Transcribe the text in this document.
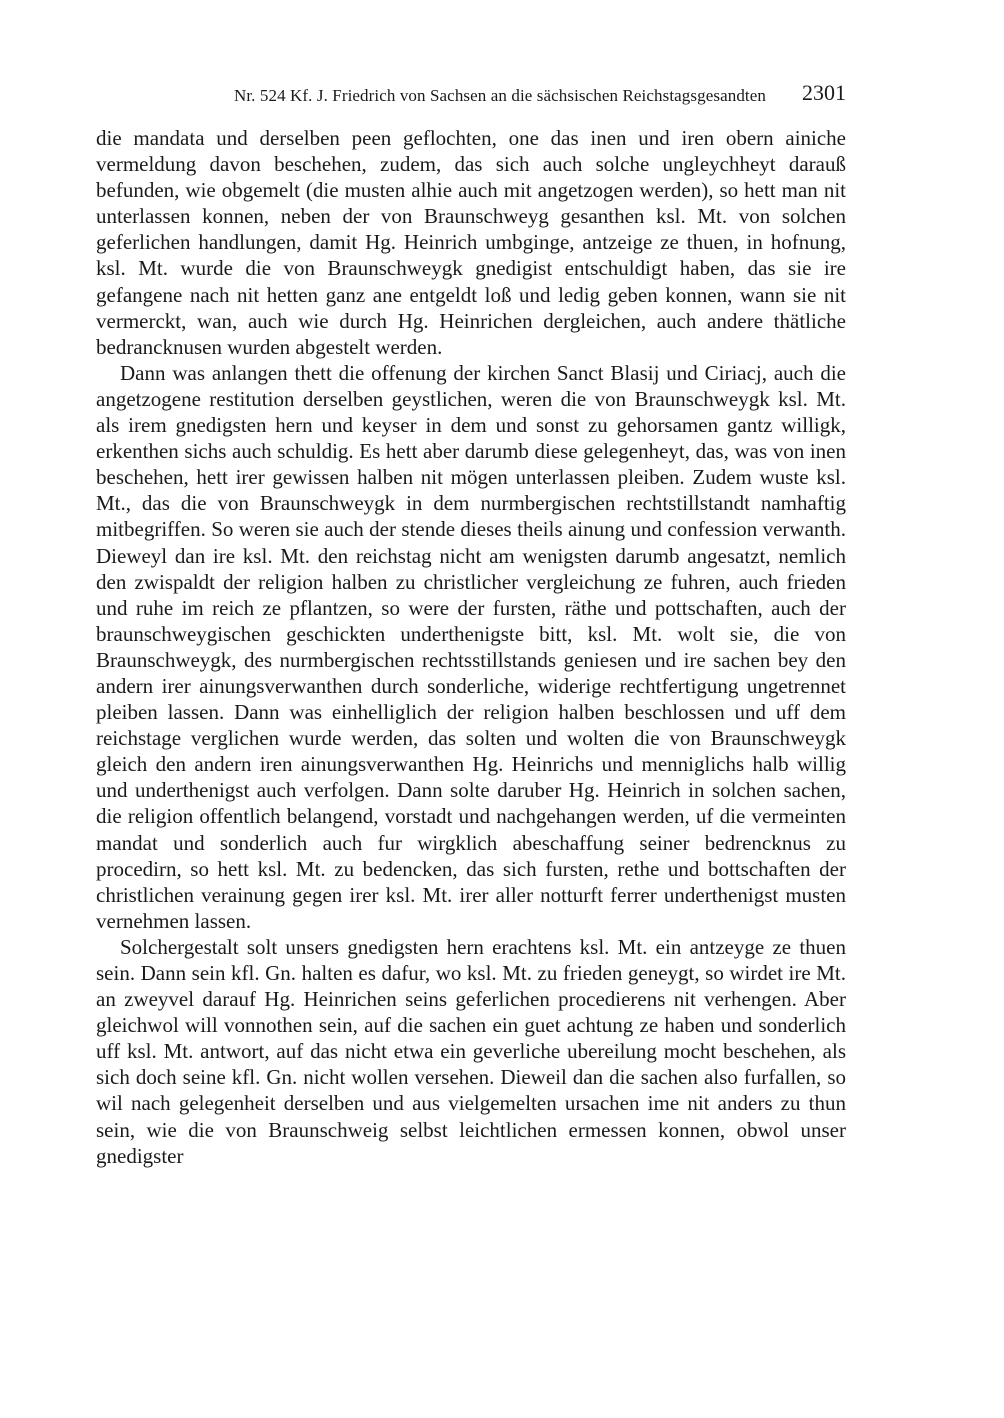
Nr. 524 Kf. J. Friedrich von Sachsen an die sächsischen Reichstagsgesandten 2301

die mandata und derselben peen geflochten, one das inen und iren obern ainiche vermeldung davon beschehen, zudem, das sich auch solche ungleychheyt darauß befunden, wie obgemelt (die musten alhie auch mit angetzogen werden), so hett man nit unterlassen konnen, neben der von Braunschweyg gesanthen ksl. Mt. von solchen geferlichen handlungen, damit Hg. Heinrich umbginge, antzeige ze thuen, in hofnung, ksl. Mt. wurde die von Braunschweygk gnedigist entschuldigt haben, das sie ire gefangene nach nit hetten ganz ane entgeldt loß und ledig geben konnen, wann sie nit vermerckt, wan, auch wie durch Hg. Heinrichen dergleichen, auch andere thätliche bedrancknusen wurden abgestelt werden.

Dann was anlangen thett die offenung der kirchen Sanct Blasij und Ciriacj, auch die angetzogene restitution derselben geystlichen, weren die von Braunschweygk ksl. Mt. als irem gnedigsten hern und keyser in dem und sonst zu gehorsamen gantz willigk, erkenthen sichs auch schuldig. Es hett aber darumb diese gelegenheyt, das, was von inen beschehen, hett irer gewissen halben nit mögen unterlassen pleiben. Zudem wuste ksl. Mt., das die von Braunschweygk in dem nurmbergischen rechtstillstandt namhaftig mitbegriffen. So weren sie auch der stende dieses theils ainung und confession verwanth. Dieweyl dan ire ksl. Mt. den reichstag nicht am wenigsten darumb angesatzt, nemlich den zwispaldt der religion halben zu christlicher vergleichung ze fuhren, auch frieden und ruhe im reich ze pflantzen, so were der fursten, räthe und pottschaften, auch der braunschweygischen geschickten underthenigste bitt, ksl. Mt. wolt sie, die von Braunschweygk, des nurmbergischen rechtsstillstands geniesen und ire sachen bey den andern irer ainungsverwanthen durch sonderliche, widerige rechtfertigung ungetrennet pleiben lassen. Dann was einhelliglich der religion halben beschlossen und uff dem reichstage verglichen wurde werden, das solten und wolten die von Braunschweygk gleich den andern iren ainungsverwanthen Hg. Heinrichs und menniglichs halb willig und underthenigst auch verfolgen. Dann solte daruber Hg. Heinrich in solchen sachen, die religion offentlich belangend, vorstadt und nachgehangen werden, uf die vermeinten mandat und sonderlich auch fur wirgklich abeschaffung seiner bedrencknus zu procedirn, so hett ksl. Mt. zu bedencken, das sich fursten, rethe und bottschaften der christlichen verainung gegen irer ksl. Mt. irer aller notturft ferrer underthenigst musten vernehmen lassen.

Solchergestalt solt unsers gnedigsten hern erachtens ksl. Mt. ein antzeyge ze thuen sein. Dann sein kfl. Gn. halten es dafur, wo ksl. Mt. zu frieden geneygt, so wirdet ire Mt. an zweyvel darauf Hg. Heinrichen seins geferlichen procedierens nit verhengen. Aber gleichwol will vonnothen sein, auf die sachen ein guet achtung ze haben und sonderlich uff ksl. Mt. antwort, auf das nicht etwa ein geverliche ubereilung mocht beschehen, als sich doch seine kfl. Gn. nicht wollen versehen. Dieweil dan die sachen also furfallen, so wil nach gelegenheit derselben und aus vielgemelten ursachen ime nit anders zu thun sein, wie die von Braunschweig selbst leichtlichen ermessen konnen, obwol unser gnedigster
